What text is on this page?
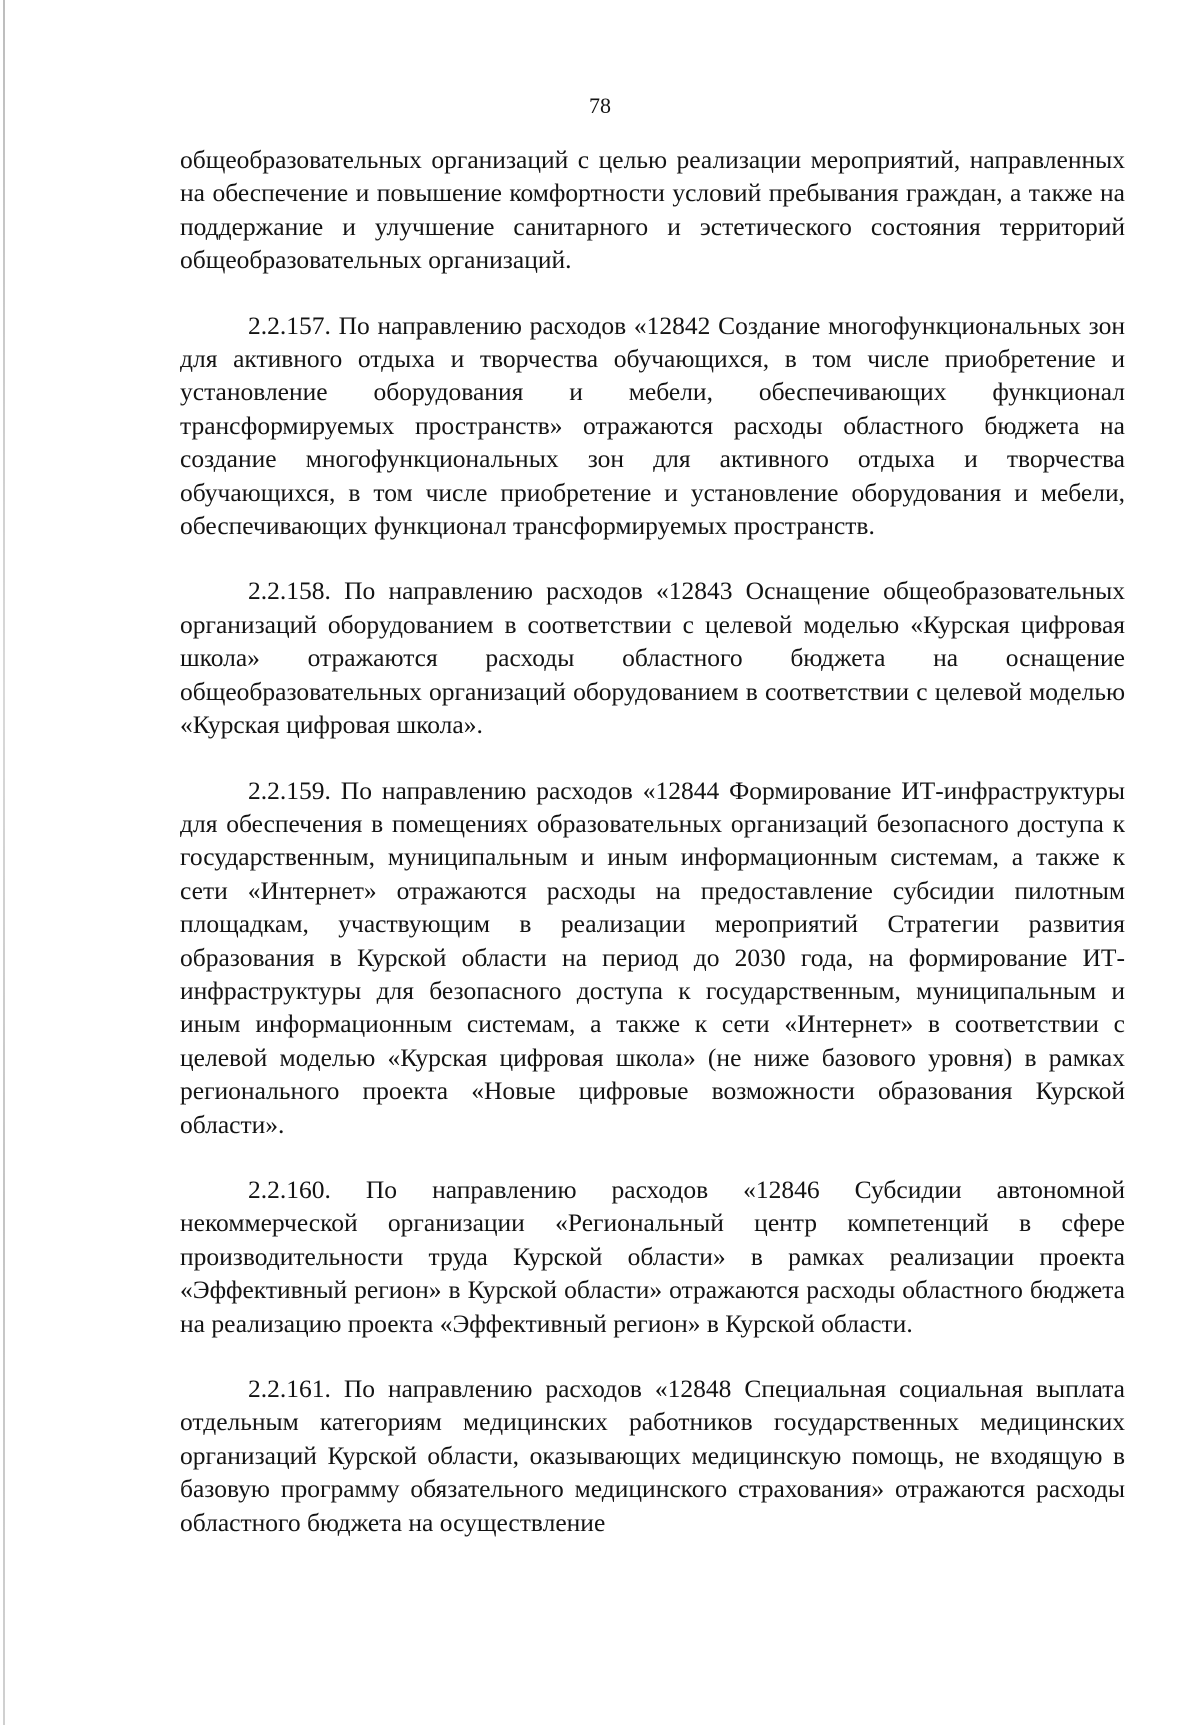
78

общеобразовательных организаций с целью реализации мероприятий, направленных на обеспечение и повышение комфортности условий пребывания граждан, а также на поддержание и улучшение санитарного и эстетического состояния территорий общеобразовательных организаций.

2.2.157. По направлению расходов «12842 Создание многофункциональных зон для активного отдыха и творчества обучающихся, в том числе приобретение и установление оборудования и мебели, обеспечивающих функционал трансформируемых пространств» отражаются расходы областного бюджета на создание многофункциональных зон для активного отдыха и творчества обучающихся, в том числе приобретение и установление оборудования и мебели, обеспечивающих функционал трансформируемых пространств.

2.2.158. По направлению расходов «12843 Оснащение общеобразовательных организаций оборудованием в соответствии с целевой моделью «Курская цифровая школа» отражаются расходы областного бюджета на оснащение общеобразовательных организаций оборудованием в соответствии с целевой моделью «Курская цифровая школа».

2.2.159. По направлению расходов «12844 Формирование ИТ-инфраструктуры для обеспечения в помещениях образовательных организаций безопасного доступа к государственным, муниципальным и иным информационным системам, а также к сети «Интернет» отражаются расходы на предоставление субсидии пилотным площадкам, участвующим в реализации мероприятий Стратегии развития образования в Курской области на период до 2030 года, на формирование ИТ-инфраструктуры для безопасного доступа к государственным, муниципальным и иным информационным системам, а также к сети «Интернет» в соответствии с целевой моделью «Курская цифровая школа» (не ниже базового уровня) в рамках регионального проекта «Новые цифровые возможности образования Курской области».

2.2.160. По направлению расходов «12846 Субсидии автономной некоммерческой организации «Региональный центр компетенций в сфере производительности труда Курской области» в рамках реализации проекта «Эффективный регион» в Курской области» отражаются расходы областного бюджета на реализацию проекта «Эффективный регион» в Курской области.

2.2.161. По направлению расходов «12848 Специальная социальная выплата отдельным категориям медицинских работников государственных медицинских организаций Курской области, оказывающих медицинскую помощь, не входящую в базовую программу обязательного медицинского страхования» отражаются расходы областного бюджета на осуществление
